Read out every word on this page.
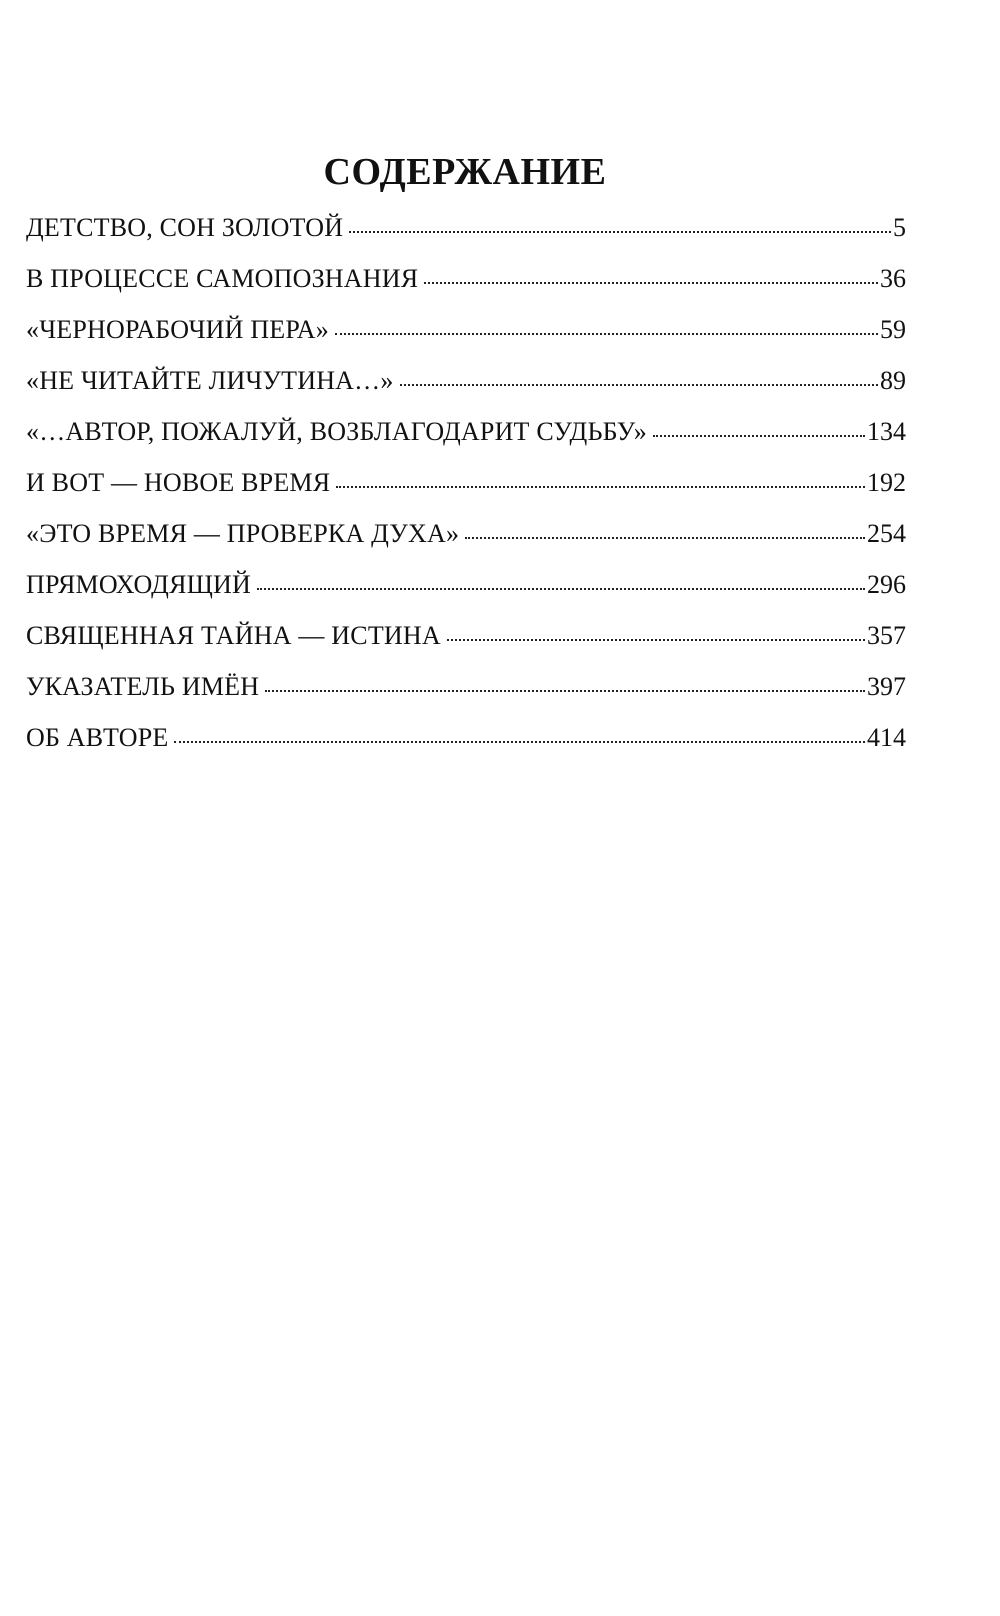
СОДЕРЖАНИЕ
ДЕТСТВО, СОН ЗОЛОТОЙ	5
В ПРОЦЕССЕ САМОПОЗНАНИЯ	36
«ЧЕРНОРАБОЧИЙ ПЕРА»	59
«НЕ ЧИТАЙТЕ ЛИЧУТИНА…»	89
«…АВТОР, ПОЖАЛУЙ, ВОЗБЛАГОДАРИТ СУДЬБУ»	134
И ВОТ — НОВОЕ ВРЕМЯ	192
«ЭТО ВРЕМЯ — ПРОВЕРКА ДУХА»	254
ПРЯМОХОДЯЩИЙ	296
СВЯЩЕННАЯ ТАЙНА — ИСТИНА	357
УКАЗАТЕЛЬ ИМЁН	397
ОБ АВТОРЕ	414
